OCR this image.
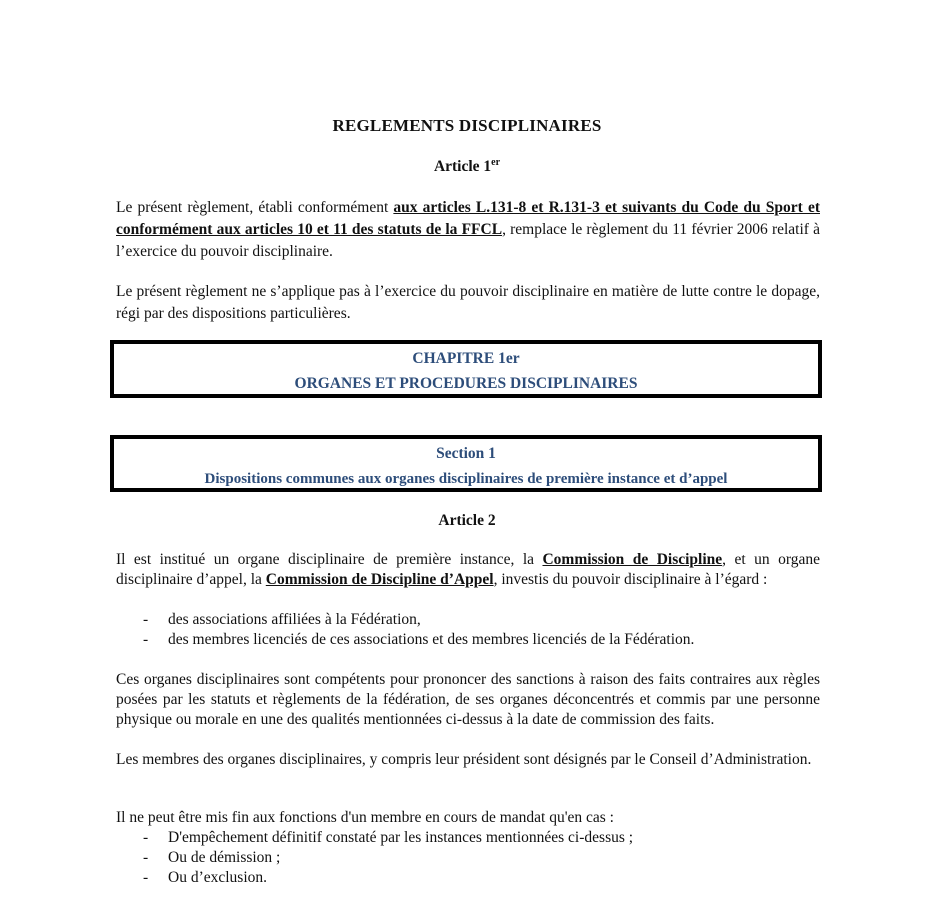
REGLEMENTS DISCIPLINAIRES
Article 1er
Le présent règlement, établi conformément aux articles L.131-8 et R.131-3 et suivants du Code du Sport et conformément aux articles 10 et 11 des statuts de la FFCL, remplace le règlement du 11 février 2006 relatif à l’exercice du pouvoir disciplinaire.
Le présent règlement ne s’applique pas à l’exercice du pouvoir disciplinaire en matière de lutte contre le dopage, régi par des dispositions particulières.
CHAPITRE 1er
ORGANES ET PROCEDURES DISCIPLINAIRES
Section 1
Dispositions communes aux organes disciplinaires de première instance et d’appel
Article 2
Il est institué un organe disciplinaire de première instance, la Commission de Discipline, et un organe disciplinaire d’appel, la Commission de Discipline d’Appel, investis du pouvoir disciplinaire à l’égard :
- des associations affiliées à la Fédération,
- des membres licenciés de ces associations et des membres licenciés de la Fédération.
Ces organes disciplinaires sont compétents pour prononcer des sanctions à raison des faits contraires aux règles posées par les statuts et règlements de la fédération, de ses organes déconcentrés et commis par une personne physique ou morale en une des qualités mentionnées ci-dessus à la date de commission des faits.
Les membres des organes disciplinaires, y compris leur président sont désignés par le Conseil d’Administration.
Il ne peut être mis fin aux fonctions d'un membre en cours de mandat qu'en cas :
- D'empêchement définitif constaté par les instances mentionnées ci-dessus ;
- Ou de démission ;
- Ou d’exclusion.
